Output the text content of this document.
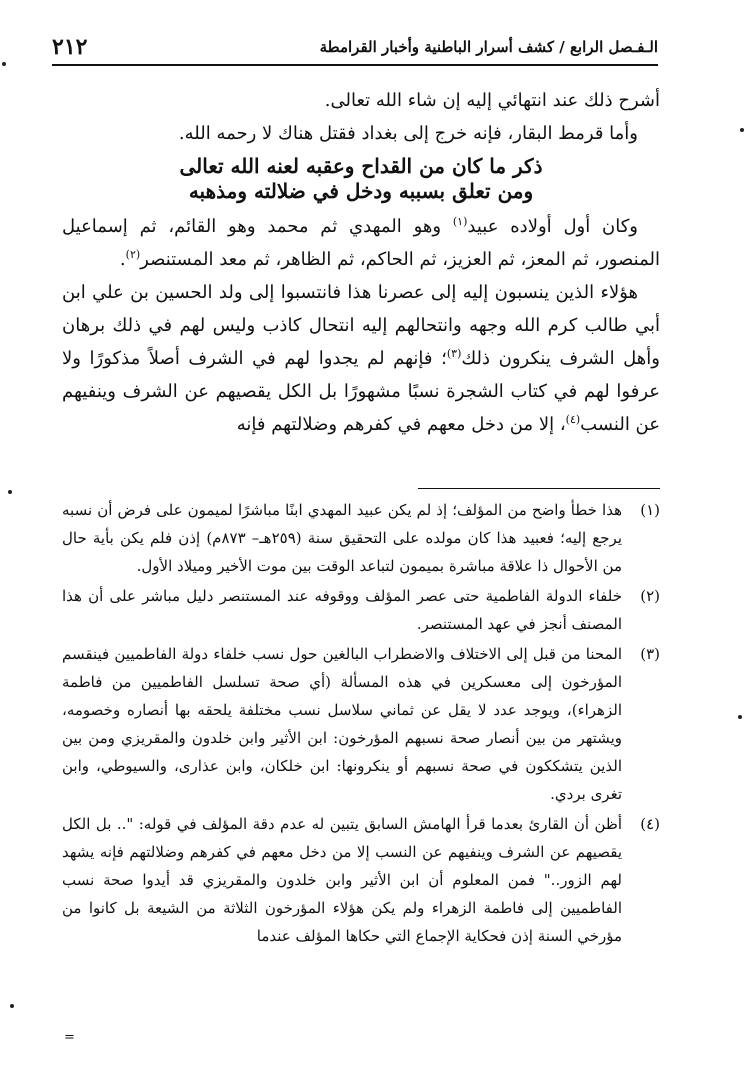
٢١٢	الـفـصل الرابع / كشف أسرار الباطنية وأخبار القرامطة

أشرح ذلك عند انتهائي إليه إن شاء الله تعالى.

وأما قرمط البقار، فإنه خرج إلى بغداد فقتل هناك لا رحمه الله.

ذكر ما كان من القداح وعقبه لعنه الله تعالى
ومن تعلق بسببه ودخل في ضلالته ومذهبه

وكان أول أولاده عبيد$^{(١)}$ وهو المهدي ثم محمد وهو القائم، ثم إسماعيل المنصور، ثم المعز، ثم العزيز، ثم الحاكم، ثم الظاهر، ثم معد المستنصر$^{(٢)}$.

هؤلاء الذين ينسبون إليه إلى عصرنا هذا فانتسبوا إلى ولد الحسين بن علي ابن أبي طالب كرم الله وجهه وانتحالهم إليه انتحال كاذب وليس لهم في ذلك برهان وأهل الشرف ينكرون ذلك$^{(٣)}$؛ فإنهم لم يجدوا لهم في الشرف أصلاً مذكورًا ولا عرفوا لهم في كتاب الشجرة نسبًا مشهورًا بل الكل يقصيهم عن الشرف وينفيهم عن النسب$^{(٤)}$، إلا من دخل معهم في كفرهم وضلالتهم فإنه

(١)
هذا خطأ واضح من المؤلف؛ إذ لم يكن عبيد المهدي ابنًا مباشرًا لميمون على فرض أن نسبه يرجع إليه؛ فعبيد هذا كان مولده على التحقيق سنة (٢٥٩هـ– ٨٧٣م) إذن فلم يكن بأية حال من الأحوال ذا علاقة مباشرة بميمون لتباعد الوقت بين موت الأخير وميلاد الأول.
(٢)
خلفاء الدولة الفاطمية حتى عصر المؤلف ووقوفه عند المستنصر دليل مباشر على أن هذا المصنف أنجز في عهد المستنصر.
(٣)
المحنا من قبل إلى الاختلاف والاضطراب البالغين حول نسب خلفاء دولة الفاطميين فينقسم المؤرخون إلى معسكرين في هذه المسألة (أي صحة تسلسل الفاطميين من فاطمة الزهراء)، ويوجد عدد لا يقل عن ثماني سلاسل نسب مختلفة يلحقه بها أنصاره وخصومه، ويشتهر من بين أنصار صحة نسبهم المؤرخون: ابن الأثير وابن خلدون والمقريزي ومن بين الذين يتشككون في صحة نسبهم أو ينكرونها: ابن خلكان، وابن عذارى، والسيوطي، وابن تغرى بردي.
(٤)
أظن أن القارئ بعدما قرأ الهامش السابق يتبين له عدم دقة المؤلف في قوله: ".. بل الكل يقصيهم عن الشرف وينفيهم عن النسب إلا من دخل معهم في كفرهم وضلالتهم فإنه يشهد لهم الزور.." فمن المعلوم أن ابن الأثير وابن خلدون والمقريزي قد أيدوا صحة نسب الفاطميين إلى فاطمة الزهراء ولم يكن هؤلاء المؤرخون الثلاثة من الشيعة بل كانوا من مؤرخي السنة إذن فحكاية الإجماع التي حكاها المؤلف عندما
=
